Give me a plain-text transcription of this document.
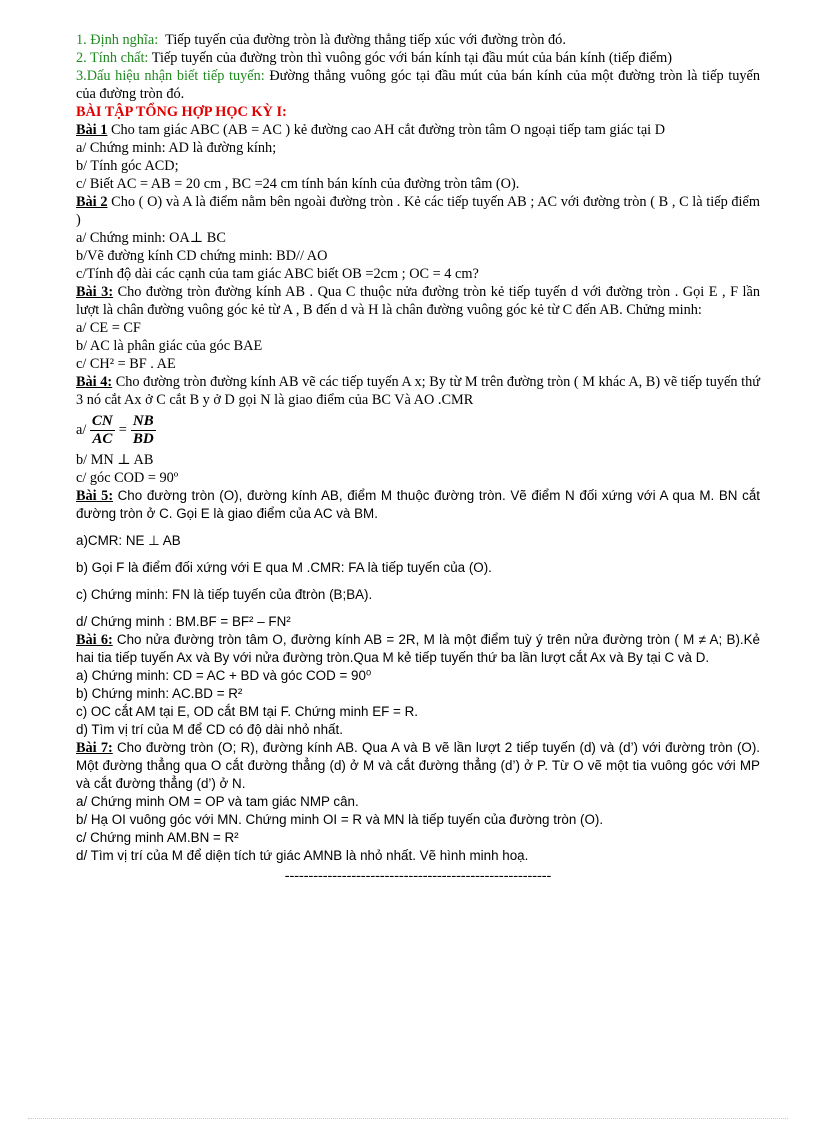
1. Định nghĩa: Tiếp tuyến của đường tròn là đường thẳng tiếp xúc với đường tròn đó.

2. Tính chất: Tiếp tuyến của đường tròn thì vuông góc với bán kính tại đầu mút của bán kính (tiếp điểm)

3.Dấu hiệu nhận biết tiếp tuyến: Đường thẳng vuông góc tại đầu mút của bán kính của một đường tròn là tiếp tuyến của đường tròn đó.

BÀI TẬP TỔNG HỢP HỌC KỲ I:

Bài 1 Cho tam giác ABC (AB = AC ) kẻ đường cao AH cắt đường tròn tâm O ngoại tiếp tam giác tại D

a/ Chứng minh: AD là đường kính;

b/ Tính góc ACD;

c/ Biết AC = AB = 20 cm , BC =24 cm tính bán kính của đường tròn tâm (O).

Bài 2 Cho ( O) và A là điểm nằm bên ngoài đường tròn . Kẻ các tiếp tuyến AB ; AC với đường tròn ( B , C là tiếp điểm )

a/ Chứng minh: OA⊥ BC

b/Vẽ đường kính CD chứng minh: BD// AO

c/Tính độ dài các cạnh của tam giác ABC biết OB =2cm ; OC = 4 cm?

Bài 3: Cho đường tròn đường kính AB . Qua C thuộc nửa đường tròn kẻ tiếp tuyến d với đường tròn . Gọi E , F lần lượt là chân đường vuông góc kẻ từ A , B đến d và H là chân đường vuông góc kẻ từ C đến AB. Chửng minh:

a/ CE = CF

b/ AC là phân giác của góc BAE

c/ CH² = BF . AE

Bài 4: Cho đường tròn đường kính AB vẽ các tiếp tuyến A x; By từ M trên đường tròn ( M khác A, B) vẽ tiếp tuyến thứ 3 nó cắt Ax ở C cắt B y ở D gọi N là giao điểm của BC Và AO .CMR

a/
$\frac{CN}{AC} = \frac{NB}{BD}$

b/ MN ⊥ AB

c/ góc COD = 90º

Bài 5: Cho đường tròn (O), đường kính AB, điểm M thuộc đường tròn. Vẽ điểm N đối xứng với A qua M. BN cắt đường tròn ở C. Gọi E là giao điểm của AC và BM.

a)CMR: NE ⊥ AB

b) Gọi F là điểm đối xứng với E qua M .CMR: FA là tiếp tuyến của (O).

c) Chứng minh: FN là tiếp tuyến của đtròn (B;BA).

d/ Chứng minh : BM.BF = BF² – FN²

Bài 6: Cho nửa đường tròn tâm O, đường kính AB = 2R, M là một điểm tuỳ ý trên nửa đường tròn ( M ≠ A; B).Kẻ hai tia tiếp tuyến Ax và By với nửa đường tròn.Qua M kẻ tiếp tuyến thứ ba lần lượt cắt Ax và By tại C và D.

a) Chứng minh: CD = AC + BD và góc COD = 90⁰

b) Chứng minh: AC.BD = R²

c) OC cắt AM tại E, OD cắt BM tại F. Chứng minh EF = R.

d) Tìm vị trí của M để CD có độ dài nhỏ nhất.

Bài 7: Cho đường tròn (O; R), đường kính AB. Qua A và B vẽ lần lượt 2 tiếp tuyến (d) và (d’) với đường tròn (O). Một đường thẳng qua O cắt đường thẳng (d) ở M và cắt đường thẳng (d’) ở P. Từ O vẽ một tia vuông góc với MP và cắt đường thẳng (d’) ở N.

a/ Chứng minh OM = OP và tam giác NMP cân.

b/ Hạ OI vuông góc với MN. Chứng minh OI = R và MN là tiếp tuyến của đường tròn (O).

c/ Chứng minh AM.BN = R²

d/ Tìm vị trí của M để diện tích tứ giác AMNB là nhỏ nhất. Vẽ hình minh hoạ.

--------------------------------------------------------
